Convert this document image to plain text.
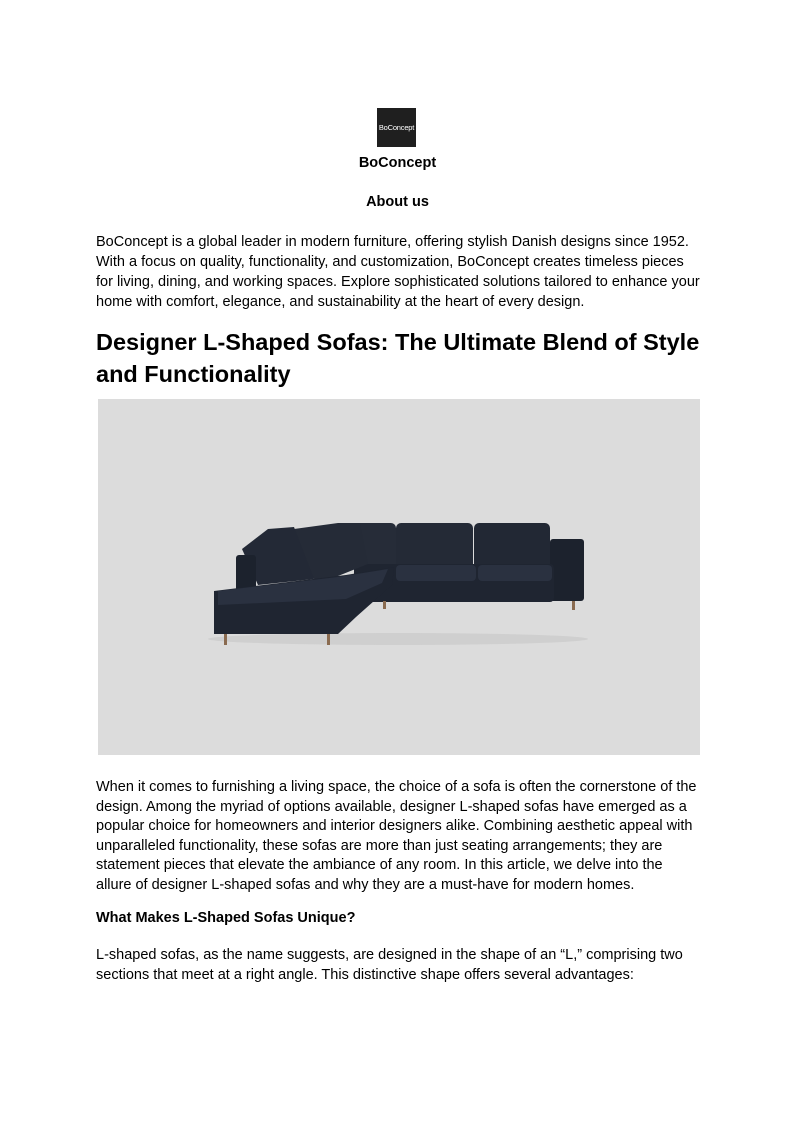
BoConcept
BoConcept
About us
BoConcept is a global leader in modern furniture, offering stylish Danish designs since 1952. With a focus on quality, functionality, and customization, BoConcept creates timeless pieces for living, dining, and working spaces. Explore sophisticated solutions tailored to enhance your home with comfort, elegance, and sustainability at the heart of every design.
Designer L-Shaped Sofas: The Ultimate Blend of Style and Functionality
When it comes to furnishing a living space, the choice of a sofa is often the cornerstone of the design. Among the myriad of options available, designer L-shaped sofas have emerged as a popular choice for homeowners and interior designers alike. Combining aesthetic appeal with unparalleled functionality, these sofas are more than just seating arrangements; they are statement pieces that elevate the ambiance of any room. In this article, we delve into the allure of designer L-shaped sofas and why they are a must-have for modern homes.
What Makes L-Shaped Sofas Unique?
L-shaped sofas, as the name suggests, are designed in the shape of an “L,” comprising two sections that meet at a right angle. This distinctive shape offers several advantages:
